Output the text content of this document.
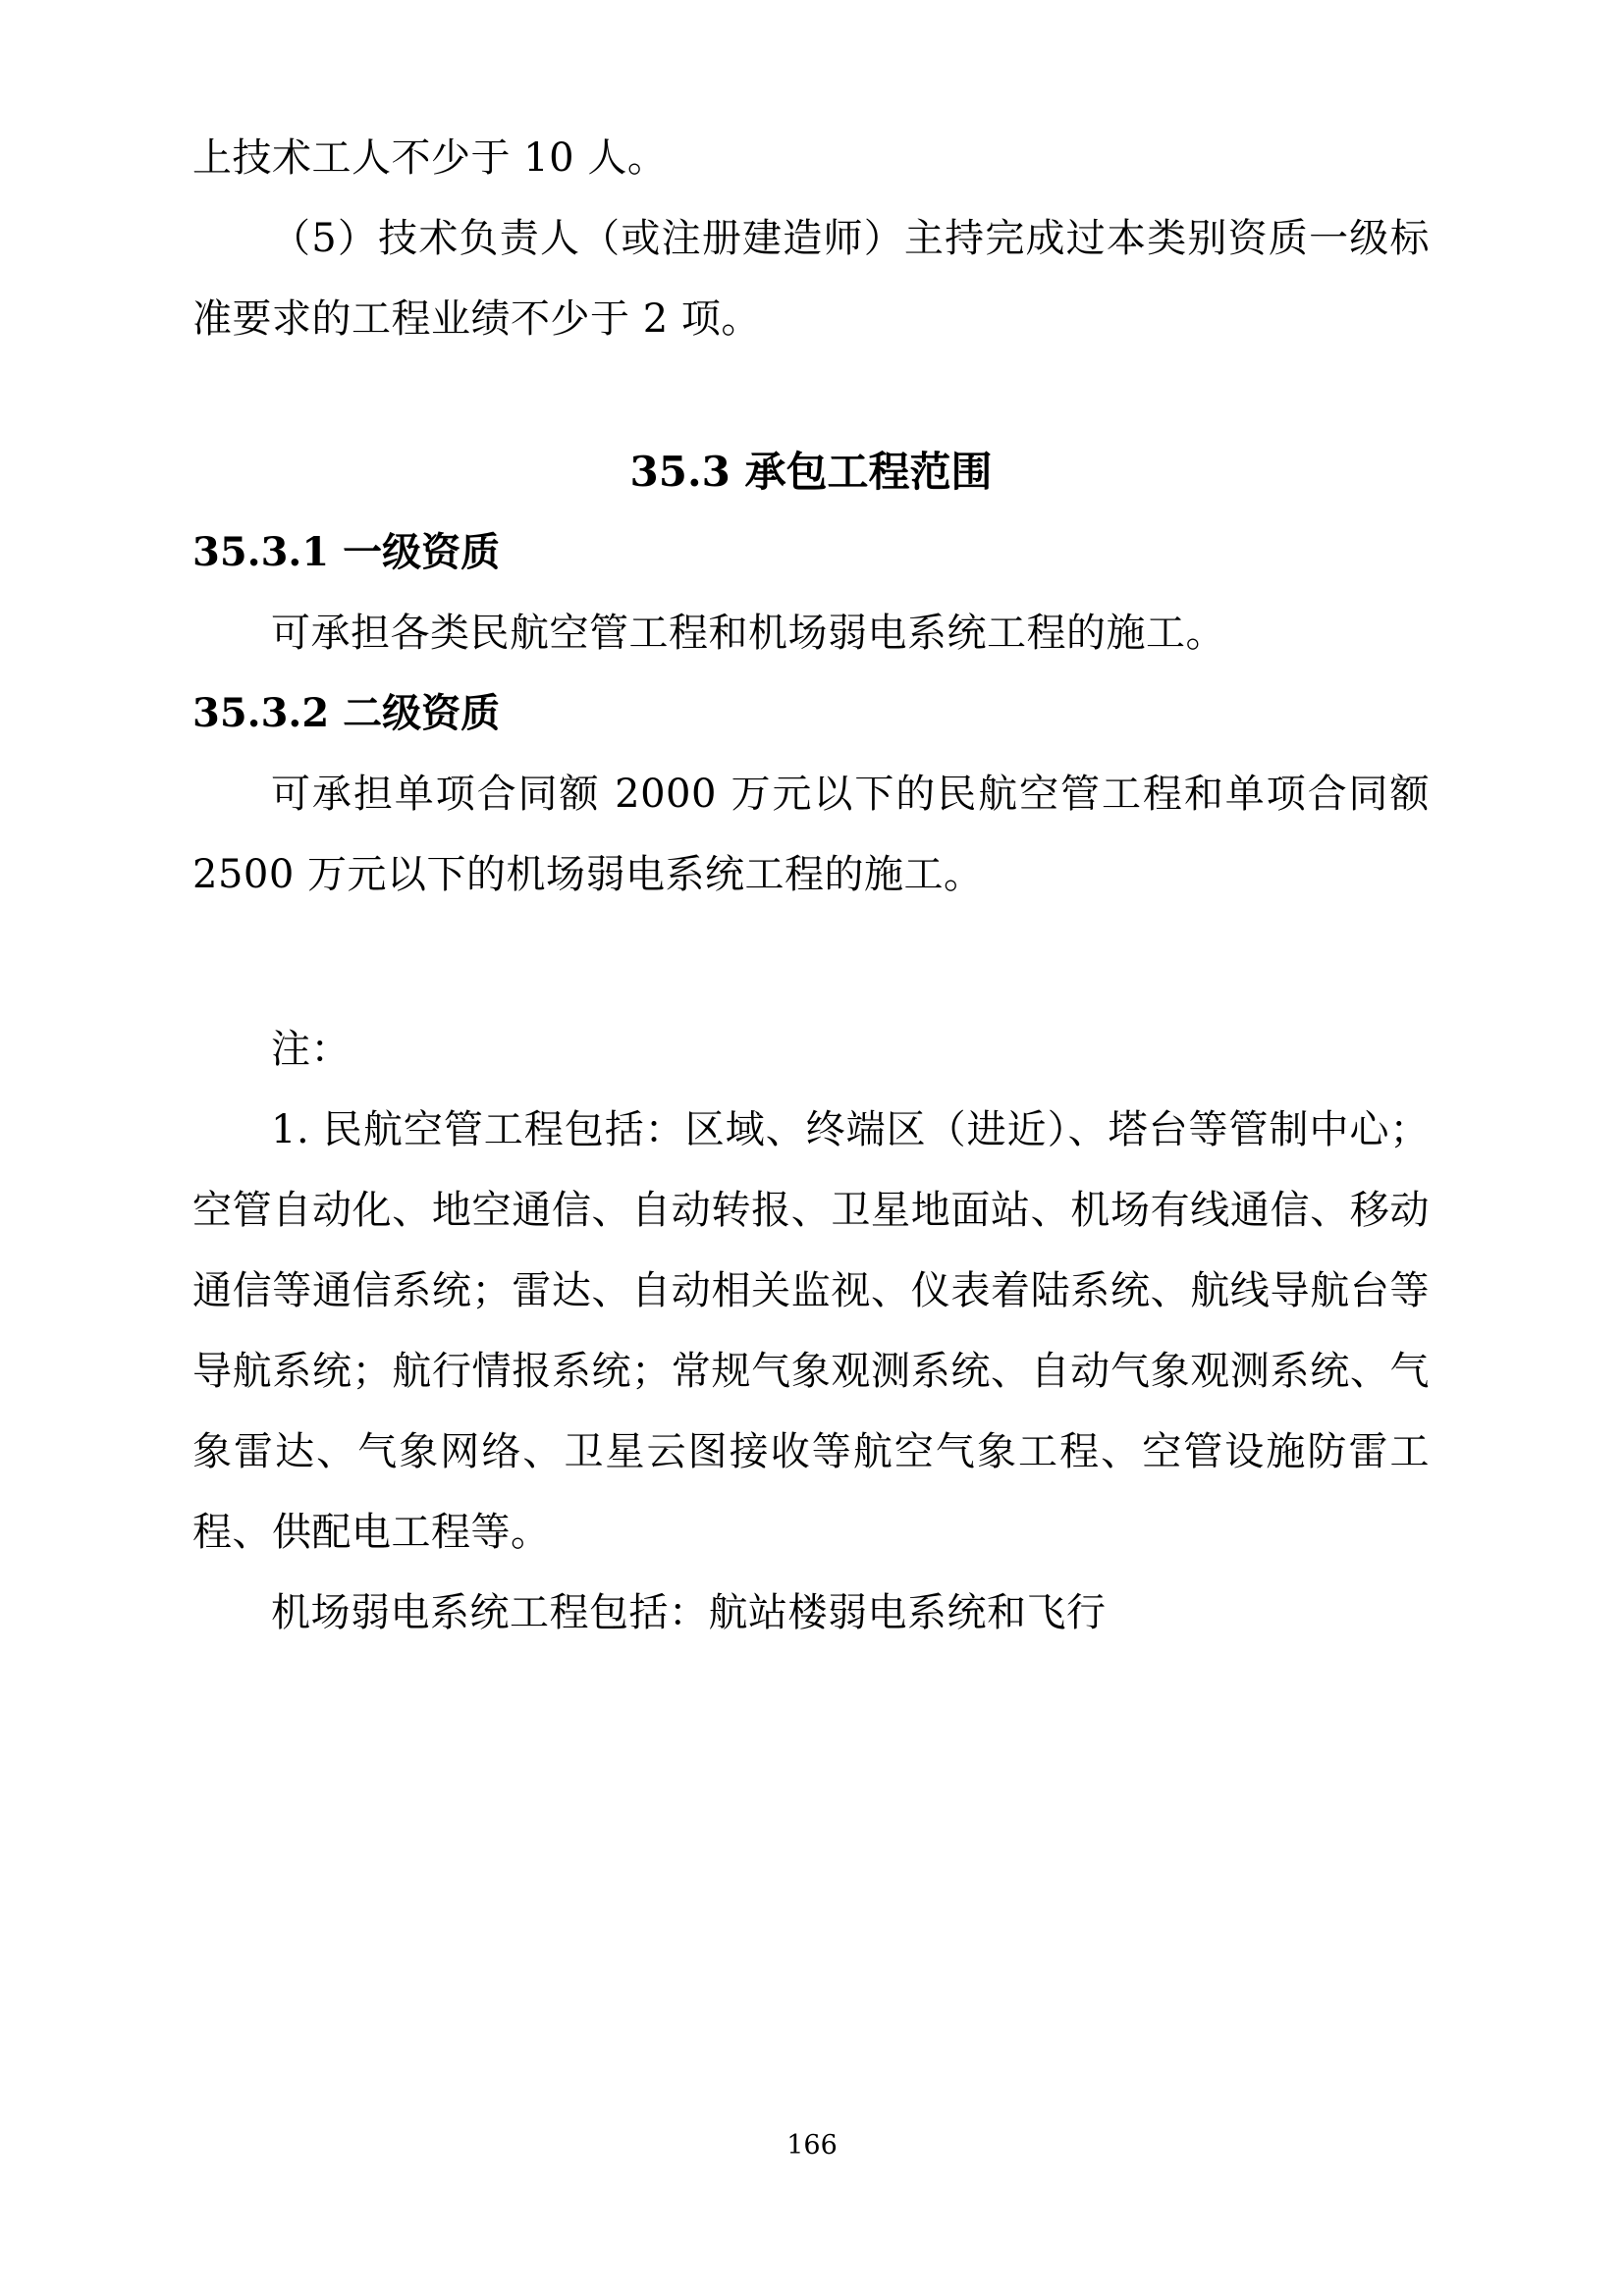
上技术工人不少于 10 人。

（5）技术负责人（或注册建造师）主持完成过本类别资质一级标准要求的工程业绩不少于 2 项。

35.3 承包工程范围
35.3.1 一级资质

可承担各类民航空管工程和机场弱电系统工程的施工。

35.3.2 二级资质

可承担单项合同额 2000 万元以下的民航空管工程和单项合同额 2500 万元以下的机场弱电系统工程的施工。

注：

1. 民航空管工程包括：区域、终端区（进近）、塔台等管制中心；空管自动化、地空通信、自动转报、卫星地面站、机场有线通信、移动通信等通信系统；雷达、自动相关监视、仪表着陆系统、航线导航台等导航系统；航行情报系统；常规气象观测系统、自动气象观测系统、气象雷达、气象网络、卫星云图接收等航空气象工程、空管设施防雷工程、供配电工程等。

机场弱电系统工程包括：航站楼弱电系统和飞行

166
